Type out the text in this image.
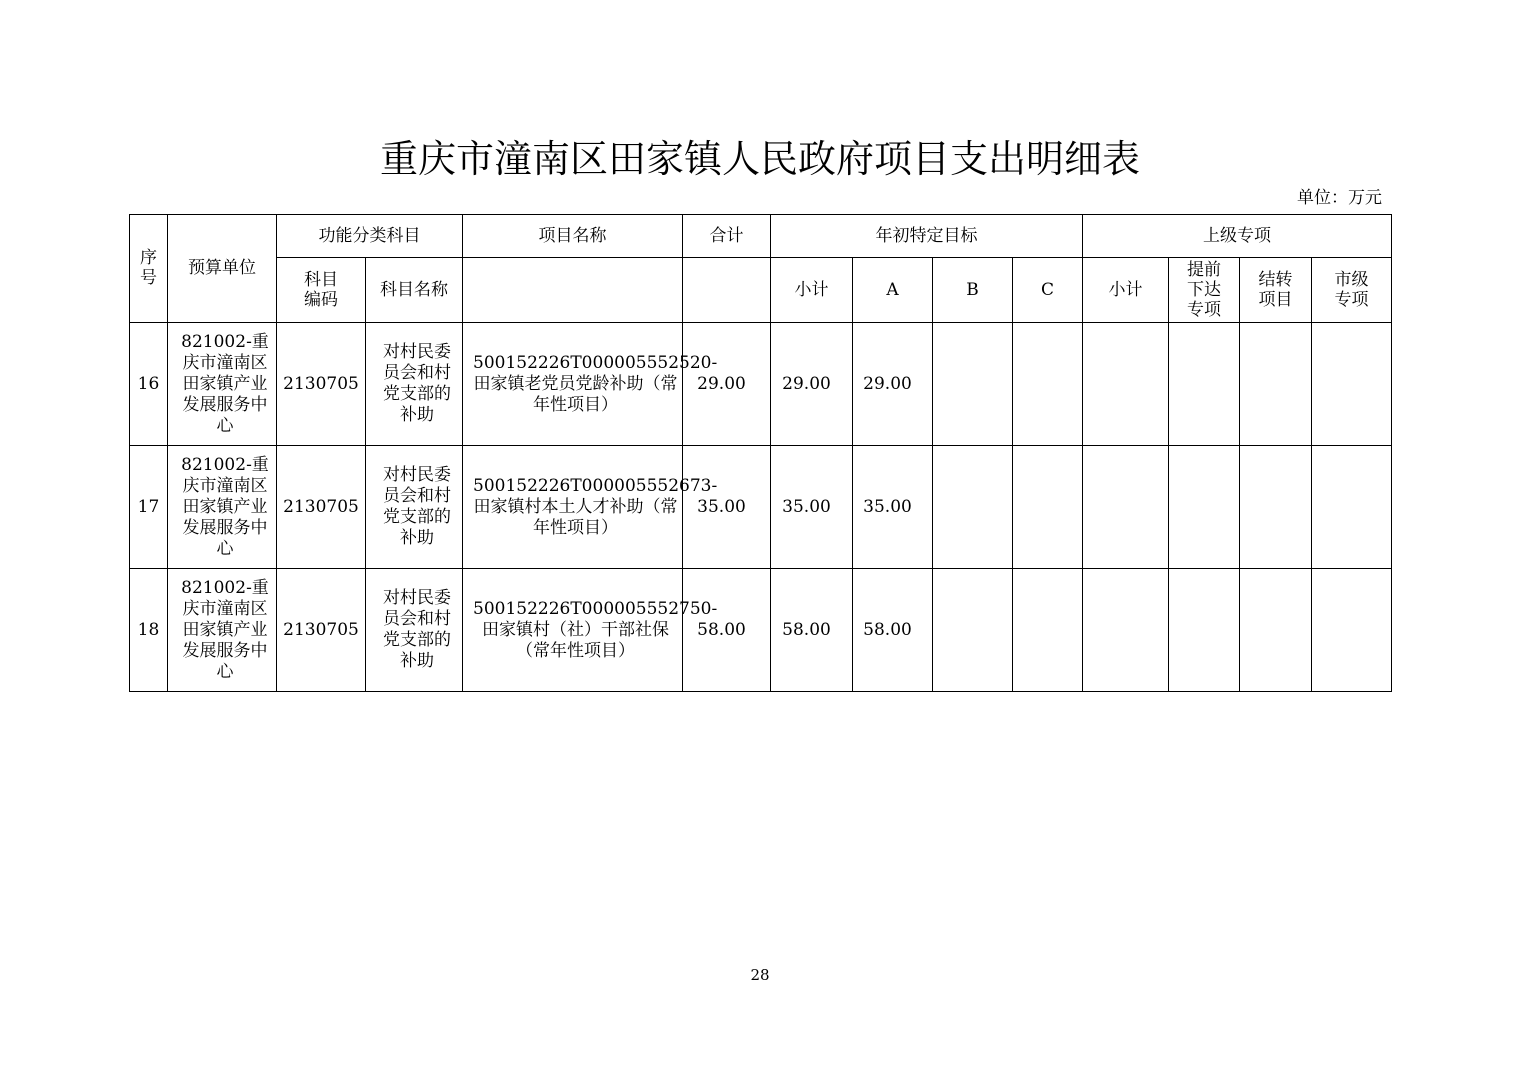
重庆市潼南区田家镇人民政府项目支出明细表
单位：万元
序号	预算单位	功能分类科目		项目名称	合计	年初特定目标				上级专项			
		科目编码	科目名称			小计	A	B	C	小计	提前下达专项	结转项目	市级专项
16	821002-重庆市潼南区田家镇产业发展服务中心	2130705	对村民委员会和村党支部的补助	500152226T000005552520-田家镇老党员党龄补助（常年性项目）	29.00	29.00	29.00						
17	821002-重庆市潼南区田家镇产业发展服务中心	2130705	对村民委员会和村党支部的补助	500152226T000005552673-田家镇村本土人才补助（常年性项目）	35.00	35.00	35.00						
18	821002-重庆市潼南区田家镇产业发展服务中心	2130705	对村民委员会和村党支部的补助	500152226T000005552750-田家镇村（社）干部社保（常年性项目）	58.00	58.00	58.00						
28
